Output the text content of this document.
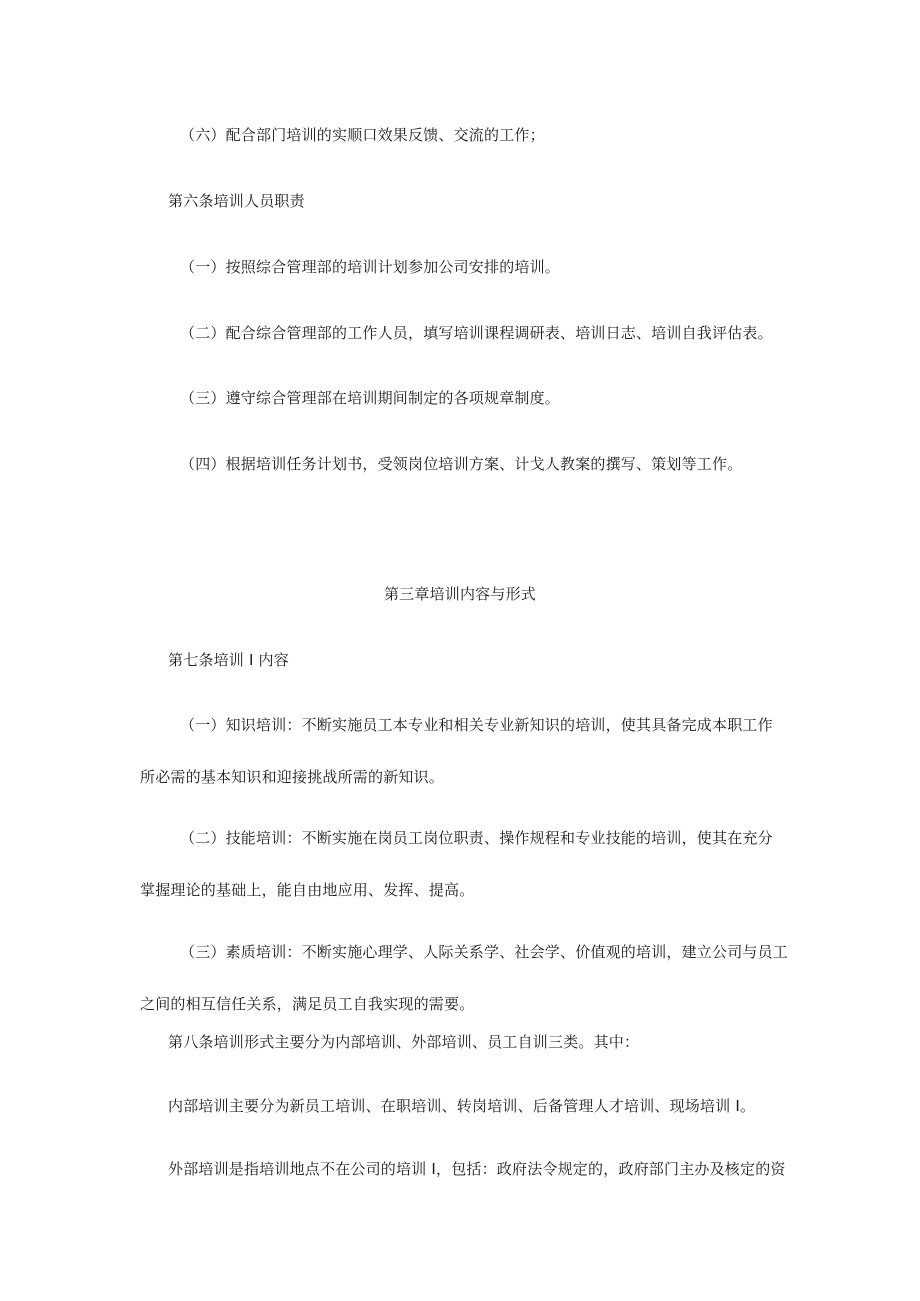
（六）配合部门培训的实顺口效果反馈、交流的工作；
第六条培训人员职责
（一）按照综合管理部的培训计划参加公司安排的培训。
（二）配合综合管理部的工作人员，填写培训课程调研表、培训日志、培训自我评估表。
（三）遵守综合管理部在培训期间制定的各项规章制度。
（四）根据培训任务计划书，受领岗位培训方案、计戈人教案的撰写、策划等工作。
第三章培训内容与形式
第七条培训 I 内容
（一）知识培训：不断实施员工本专业和相关专业新知识的培训，使其具备完成本职工作
所必需的基本知识和迎接挑战所需的新知识。
（二）技能培训：不断实施在岗员工岗位职责、操作规程和专业技能的培训，使其在充分
掌握理论的基础上，能自由地应用、发挥、提高。
（三）素质培训：不断实施心理学、人际关系学、社会学、价值观的培训，建立公司与员工
之间的相互信任关系，满足员工自我实现的需要。
第八条培训形式主要分为内部培训、外部培训、员工自训三类。其中：
内部培训主要分为新员工培训、在职培训、转岗培训、后备管理人才培训、现场培训 I。
外部培训是指培训地点不在公司的培训 I，包括：政府法令规定的，政府部门主办及核定的资
